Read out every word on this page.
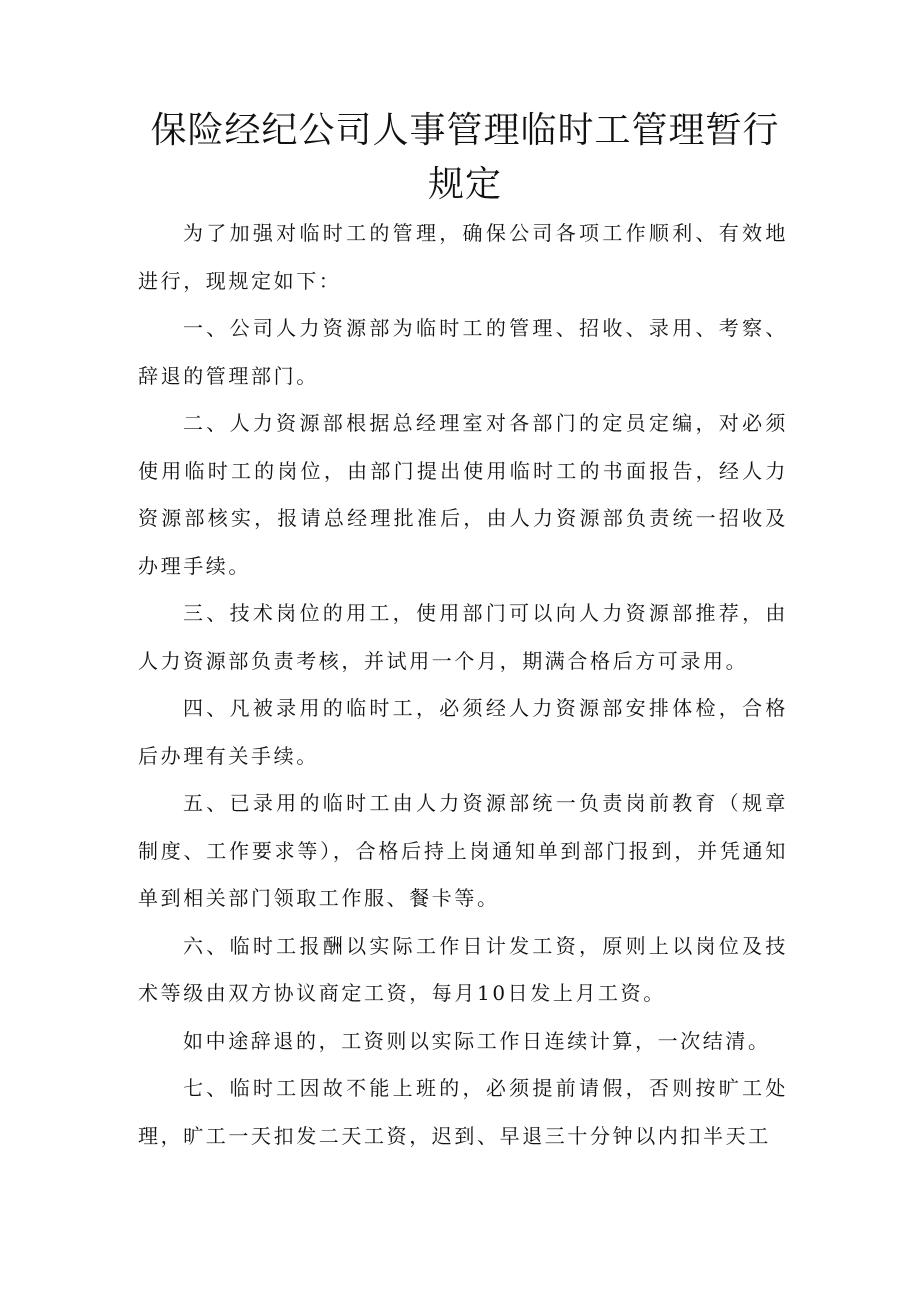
保险经纪公司人事管理临时工管理暂行规定

为了加强对临时工的管理，确保公司各项工作顺利、有效地进行，现规定如下：

一、公司人力资源部为临时工的管理、招收、录用、考察、辞退的管理部门。

二、人力资源部根据总经理室对各部门的定员定编，对必须使用临时工的岗位，由部门提出使用临时工的书面报告，经人力资源部核实，报请总经理批准后，由人力资源部负责统一招收及办理手续。

三、技术岗位的用工，使用部门可以向人力资源部推荐，由人力资源部负责考核，并试用一个月，期满合格后方可录用。

四、凡被录用的临时工，必须经人力资源部安排体检，合格后办理有关手续。

五、已录用的临时工由人力资源部统一负责岗前教育（规章制度、工作要求等），合格后持上岗通知单到部门报到，并凭通知单到相关部门领取工作服、餐卡等。

六、临时工报酬以实际工作日计发工资，原则上以岗位及技术等级由双方协议商定工资，每月10日发上月工资。

如中途辞退的，工资则以实际工作日连续计算，一次结清。

七、临时工因故不能上班的，必须提前请假，否则按旷工处理，旷工一天扣发二天工资，迟到、早退三十分钟以内扣半天工
